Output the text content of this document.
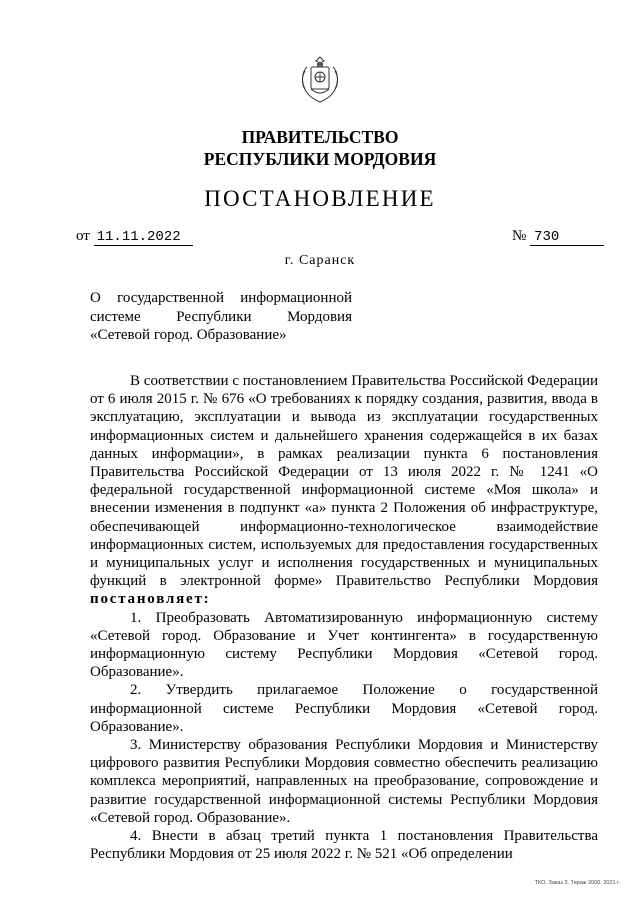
ПРАВИТЕЛЬСТВО
РЕСПУБЛИКИ МОРДОВИЯ
ПОСТАНОВЛЕНИЕ
от 11.11.2022	№ 730
г. Саранск
О государственной информационной системе Республики Мордовия «Сетевой город. Образование»

В соответствии с постановлением Правительства Российской Федерации от 6 июля 2015 г. № 676 «О требованиях к порядку создания, развития, ввода в эксплуатацию, эксплуатации и вывода из эксплуатации государственных информационных систем и дальнейшего хранения содержащейся в их базах данных информации», в рамках реализации пункта 6 постановления Правительства Российской Федерации от 13 июля 2022 г. № 1241 «О федеральной государственной информационной системе «Моя школа» и внесении изменения в подпункт «а» пункта 2 Положения об инфраструктуре, обеспечивающей информационно-технологическое взаимодействие информационных систем, используемых для предоставления государственных и муниципальных услуг и исполнения государственных и муниципальных функций в электронной форме» Правительство Республики Мордовия постановляет:

1. Преобразовать Автоматизированную информационную систему «Сетевой город. Образование и Учет контингента» в государственную информационную систему Республики Мордовия «Сетевой город. Образование».

2. Утвердить прилагаемое Положение о государственной информационной системе Республики Мордовия «Сетевой город. Образование».

3. Министерству образования Республики Мордовия и Министерству цифрового развития Республики Мордовия совместно обеспечить реализацию комплекса мероприятий, направленных на преобразование, сопровождение и развитие государственной информационной системы Республики Мордовия «Сетевой город. Образование».

4. Внести в абзац третий пункта 1 постановления Правительства Республики Мордовия от 25 июля 2022 г. № 521 «Об определении

ТКО. Заказ 3. Тираж 2000. 2021 г.
